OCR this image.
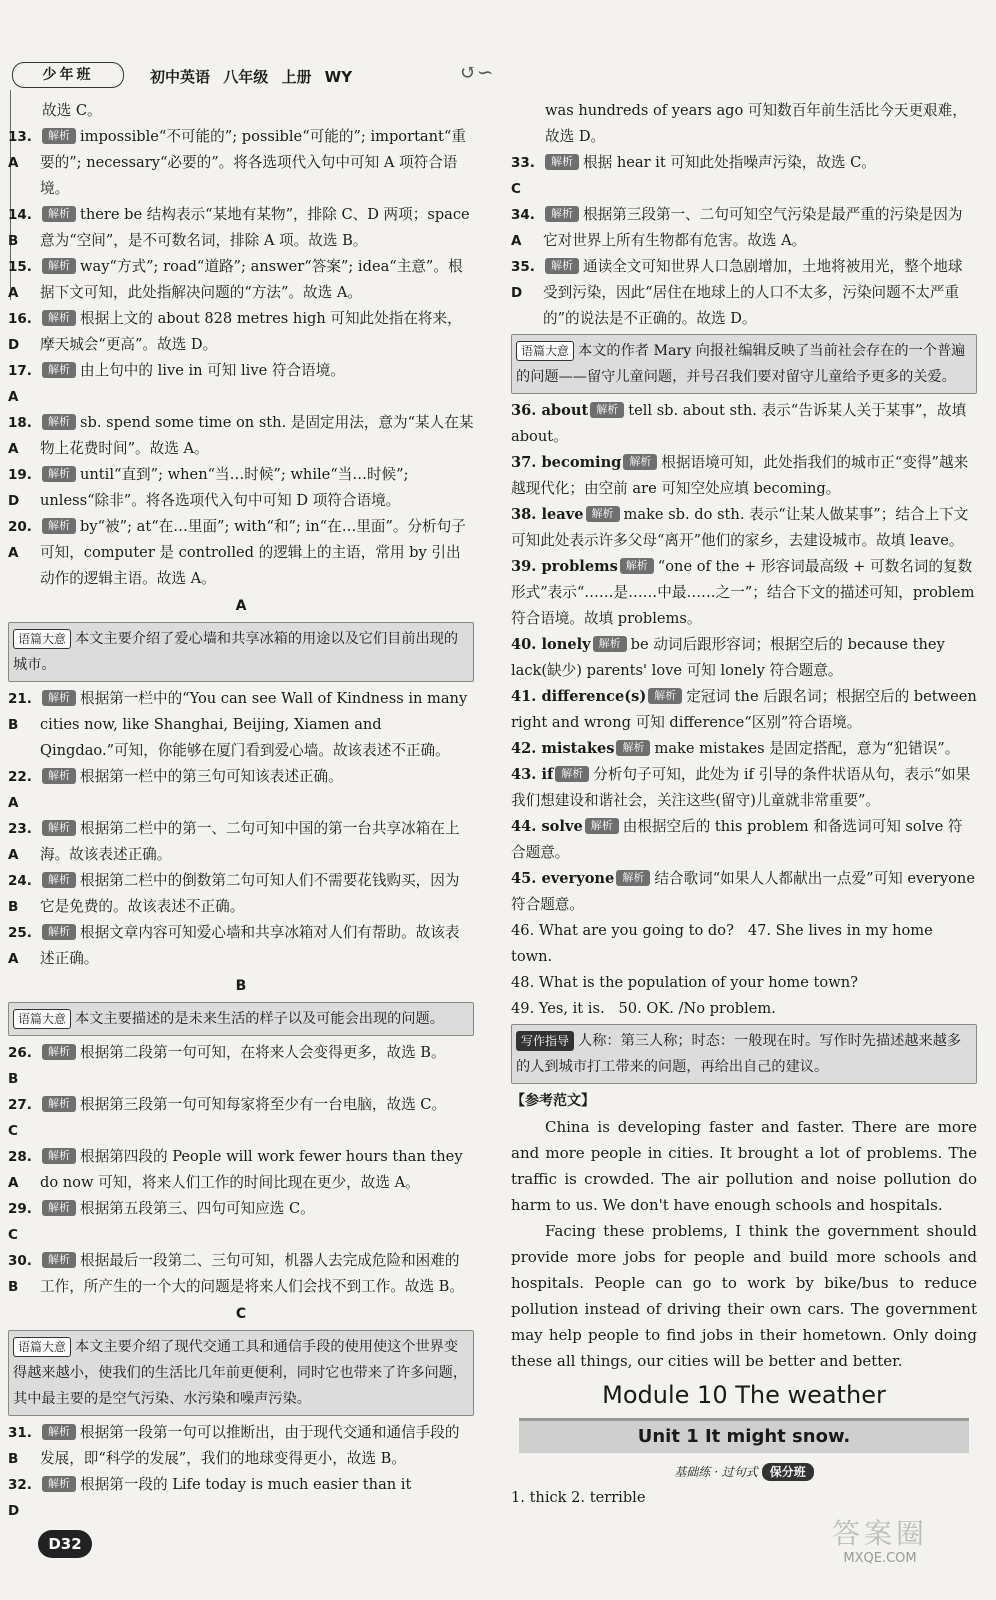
少年班	初中英语 八年级 上册 WY	↺∽
故选 C。
13. A
解析 impossible“不可能的”; possible“可能的”; important“重要的”; necessary“必要的”。将各选项代入句中可知 A 项符合语境。
14. B
解析 there be 结构表示“某地有某物”，排除 C、D 两项；space 意为“空间”，是不可数名词，排除 A 项。故选 B。
15. A
解析 way“方式”; road“道路”; answer“答案”; idea“主意”。根据下文可知，此处指解决问题的“方法”。故选 A。
16. D
解析 根据上文的 about 828 metres high 可知此处指在将来，摩天城会“更高”。故选 D。
17. A
解析 由上句中的 live in 可知 live 符合语境。
18. A
解析 sb. spend some time on sth. 是固定用法，意为“某人在某物上花费时间”。故选 A。
19. D
解析 until“直到”; when“当…时候”; while“当…时候”; unless“除非”。将各选项代入句中可知 D 项符合语境。
20. A
解析 by“被”; at“在…里面”; with“和”; in“在…里面”。分析句子可知，computer 是 controlled 的逻辑上的主语，常用 by 引出动作的逻辑主语。故选 A。
A
语篇大意 本文主要介绍了爱心墙和共享冰箱的用途以及它们目前出现的城市。
21. B
解析 根据第一栏中的“You can see Wall of Kindness in many cities now, like Shanghai, Beijing, Xiamen and Qingdao.”可知，你能够在厦门看到爱心墙。故该表述不正确。
22. A
解析 根据第一栏中的第三句可知该表述正确。
23. A
解析 根据第二栏中的第一、二句可知中国的第一台共享冰箱在上海。故该表述正确。
24. B
解析 根据第二栏中的倒数第二句可知人们不需要花钱购买，因为它是免费的。故该表述不正确。
25. A
解析 根据文章内容可知爱心墙和共享冰箱对人们有帮助。故该表述正确。
B
语篇大意 本文主要描述的是未来生活的样子以及可能会出现的问题。
26. B
解析 根据第二段第一句可知，在将来人会变得更多，故选 B。
27. C
解析 根据第三段第一句可知每家将至少有一台电脑，故选 C。
28. A
解析 根据第四段的 People will work fewer hours than they do now 可知，将来人们工作的时间比现在更少，故选 A。
29. C
解析 根据第五段第三、四句可知应选 C。
30. B
解析 根据最后一段第二、三句可知，机器人去完成危险和困难的工作，所产生的一个大的问题是将来人们会找不到工作。故选 B。
C
语篇大意 本文主要介绍了现代交通工具和通信手段的使用使这个世界变得越来越小，使我们的生活比几年前更便利，同时它也带来了许多问题，其中最主要的是空气污染、水污染和噪声污染。
31. B
解析 根据第一段第一句可以推断出，由于现代交通和通信手段的发展，即“科学的发展”，我们的地球变得更小，故选 B。
32. D
解析 根据第一段的 Life today is much easier than it
was hundreds of years ago 可知数百年前生活比今天更艰难，故选 D。
33. C
解析 根据 hear it 可知此处指噪声污染，故选 C。
34. A
解析 根据第三段第一、二句可知空气污染是最严重的污染是因为它对世界上所有生物都有危害。故选 A。
35. D
解析 通读全文可知世界人口急剧增加，土地将被用光，整个地球受到污染，因此“居住在地球上的人口不太多，污染问题不太严重的”的说法是不正确的。故选 D。
语篇大意 本文的作者 Mary 向报社编辑反映了当前社会存在的一个普遍的问题——留守儿童问题，并号召我们要对留守儿童给予更多的关爱。
36. about 解析 tell sb. about sth. 表示“告诉某人关于某事”，故填 about。
37. becoming 解析 根据语境可知，此处指我们的城市正“变得”越来越现代化；由空前 are 可知空处应填 becoming。
38. leave 解析 make sb. do sth. 表示“让某人做某事”；结合上下文可知此处表示许多父母“离开”他们的家乡，去建设城市。故填 leave。
39. problems 解析 “one of the + 形容词最高级 + 可数名词的复数形式”表示“……是……中最……之一”；结合下文的描述可知，problem 符合语境。故填 problems。
40. lonely 解析 be 动词后跟形容词；根据空后的 because they lack(缺少) parents' love 可知 lonely 符合题意。
41. difference(s) 解析 定冠词 the 后跟名词；根据空后的 between right and wrong 可知 difference“区别”符合语境。
42. mistakes 解析 make mistakes 是固定搭配，意为“犯错误”。
43. if 解析 分析句子可知，此处为 if 引导的条件状语从句，表示“如果我们想建设和谐社会，关注这些(留守)儿童就非常重要”。
44. solve 解析 由根据空后的 this problem 和备选词可知 solve 符合题意。
45. everyone 解析 结合歌词“如果人人都献出一点爱”可知 everyone 符合题意。
46. What are you going to do? 47. She lives in my home town.
48. What is the population of your home town?
49. Yes, it is. 50. OK. /No problem.
写作指导 人称：第三人称；时态：一般现在时。写作时先描述越来越多的人到城市打工带来的问题，再给出自己的建议。
【参考范文】

China is developing faster and faster. There are more and more people in cities. It brought a lot of problems. The traffic is crowded. The air pollution and noise pollution do harm to us. We don't have enough schools and hospitals.

Facing these problems, I think the government should provide more jobs for people and build more schools and hospitals. People can go to work by bike/bus to reduce pollution instead of driving their own cars. The government may help people to find jobs in their hometown. Only doing these all things, our cities will be better and better.

Module 10 The weather
Unit 1 It might snow.
基础练 · 过句式 保分班
1. thick 2. terrible
D32	答案圈
MXQE.COM
